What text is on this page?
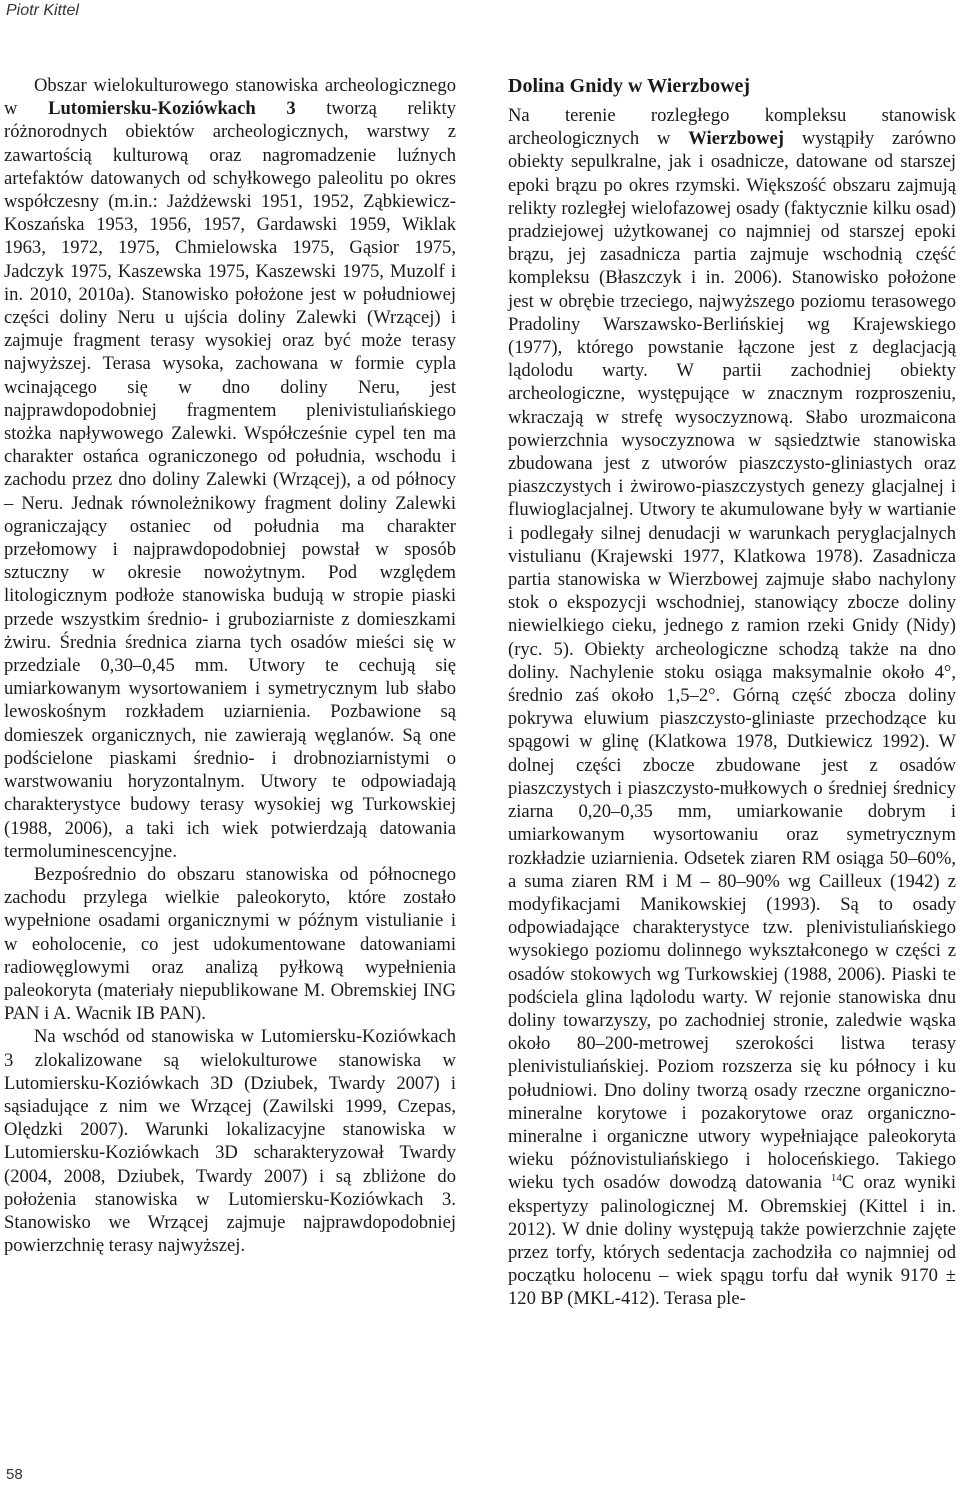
Piotr Kittel

Obszar wielokulturowego stanowiska archeologicznego w Lutomiersku-Koziówkach 3 tworzą relikty różnorodnych obiektów archeologicznych, warstwy z zawartością kulturową oraz nagromadzenie luźnych artefaktów datowanych od schyłkowego paleolitu po okres współczesny (m.in.: Jażdżewski 1951, 1952, Ząbkiewicz-Koszańska 1953, 1956, 1957, Gardawski 1959, Wiklak 1963, 1972, 1975, Chmielowska 1975, Gąsior 1975, Jadczyk 1975, Kaszewska 1975, Kaszewski 1975, Muzolf i in. 2010, 2010a). Stanowisko położone jest w południowej części doliny Neru u ujścia doliny Zalewki (Wrzącej) i zajmuje fragment terasy wysokiej oraz być może terasy najwyższej. Terasa wysoka, zachowana w formie cypla wcinającego się w dno doliny Neru, jest najprawdopodobniej fragmentem plenivistuliańskiego stożka napływowego Zalewki. Współcześnie cypel ten ma charakter ostańca ograniczonego od południa, wschodu i zachodu przez dno doliny Zalewki (Wrzącej), a od północy – Neru. Jednak równoleżnikowy fragment doliny Zalewki ograniczający ostaniec od południa ma charakter przełomowy i najprawdopodobniej powstał w sposób sztuczny w okresie nowożytnym. Pod względem litologicznym podłoże stanowiska budują w stropie piaski przede wszystkim średnio- i gruboziarniste z domieszkami żwiru. Średnia średnica ziarna tych osadów mieści się w przedziale 0,30–0,45 mm. Utwory te cechują się umiarkowanym wysortowaniem i symetrycznym lub słabo lewoskośnym rozkładem uziarnienia. Pozbawione są domieszek organicznych, nie zawierają węglanów. Są one podścielone piaskami średnio- i drobnoziarnistymi o warstwowaniu horyzontalnym. Utwory te odpowiadają charakterystyce budowy terasy wysokiej wg Turkowskiej (1988, 2006), a taki ich wiek potwierdzają datowania termoluminescencyjne.

Bezpośrednio do obszaru stanowiska od północnego zachodu przylega wielkie paleokoryto, które zostało wypełnione osadami organicznymi w późnym vistulianie i w eoholocenie, co jest udokumentowane datowaniami radiowęglowymi oraz analizą pyłkową wypełnienia paleokoryta (materiały niepublikowane M. Obremskiej ING PAN i A. Wacnik IB PAN).

Na wschód od stanowiska w Lutomiersku-Koziówkach 3 zlokalizowane są wielokulturowe stanowiska w Lutomiersku-Koziówkach 3D (Dziubek, Twardy 2007) i sąsiadujące z nim we Wrzącej (Zawilski 1999, Czepas, Olędzki 2007). Warunki lokalizacyjne stanowiska w Lutomiersku-Koziówkach 3D scharakteryzował Twardy (2004, 2008, Dziubek, Twardy 2007) i są zbliżone do położenia stanowiska w Lutomiersku-Koziówkach 3. Stanowisko we Wrzącej zajmuje najprawdopodobniej powierzchnię terasy najwyższej.

Dolina Gnidy w Wierzbowej

Na terenie rozległego kompleksu stanowisk archeologicznych w Wierzbowej wystąpiły zarówno obiekty sepulkralne, jak i osadnicze, datowane od starszej epoki brązu po okres rzymski. Większość obszaru zajmują relikty rozległej wielofazowej osady (faktycznie kilku osad) pradziejowej użytkowanej co najmniej od starszej epoki brązu, jej zasadnicza partia zajmuje wschodnią część kompleksu (Błaszczyk i in. 2006). Stanowisko położone jest w obrębie trzeciego, najwyższego poziomu terasowego Pradoliny Warszawsko-Berlińskiej wg Krajewskiego (1977), którego powstanie łączone jest z deglacjacją lądolodu warty. W partii zachodniej obiekty archeologiczne, występujące w znacznym rozproszeniu, wkraczają w strefę wysoczyznową. Słabo urozmaicona powierzchnia wysoczyznowa w sąsiedztwie stanowiska zbudowana jest z utworów piaszczysto-gliniastych oraz piaszczystych i żwirowo-piaszczystych genezy glacjalnej i fluwioglacjalnej. Utwory te akumulowane były w wartianie i podlegały silnej denudacji w warunkach peryglacjalnych vistulianu (Krajewski 1977, Klatkowa 1978). Zasadnicza partia stanowiska w Wierzbowej zajmuje słabo nachylony stok o ekspozycji wschodniej, stanowiący zbocze doliny niewielkiego cieku, jednego z ramion rzeki Gnidy (Nidy) (ryc. 5). Obiekty archeologiczne schodzą także na dno doliny. Nachylenie stoku osiąga maksymalnie około 4°, średnio zaś około 1,5–2°. Górną część zbocza doliny pokrywa eluwium piaszczysto-gliniaste przechodzące ku spągowi w glinę (Klatkowa 1978, Dutkiewicz 1992). W dolnej części zbocze zbudowane jest z osadów piaszczystych i piaszczysto-mułkowych o średniej średnicy ziarna 0,20–0,35 mm, umiarkowanie dobrym i umiarkowanym wysortowaniu oraz symetrycznym rozkładzie uziarnienia. Odsetek ziaren RM osiąga 50–60%, a suma ziaren RM i M – 80–90% wg Cailleux (1942) z modyfikacjami Manikowskiej (1993). Są to osady odpowiadające charakterystyce tzw. plenivistuliańskiego wysokiego poziomu dolinnego wykształconego w części z osadów stokowych wg Turkowskiej (1988, 2006). Piaski te podściela glina lądolodu warty. W rejonie stanowiska dnu doliny towarzyszy, po zachodniej stronie, zaledwie wąska około 80–200-metrowej szerokości listwa terasy plenivistuliańskiej. Poziom rozszerza się ku północy i ku południowi. Dno doliny tworzą osady rzeczne organiczno-mineralne korytowe i pozakorytowe oraz organiczno-mineralne i organiczne utwory wypełniające paleokoryta wieku późnovistuliańskiego i holoceńskiego. Takiego wieku tych osadów dowodzą datowania $^{14}$C oraz wyniki ekspertyzy palinologicznej M. Obremskiej (Kittel i in. 2012). W dnie doliny występują także powierzchnie zajęte przez torfy, których sedentacja zachodziła co najmniej od początku holocenu – wiek spągu torfu dał wynik 9170 ± 120 BP (MKL-412). Terasa ple-

58
